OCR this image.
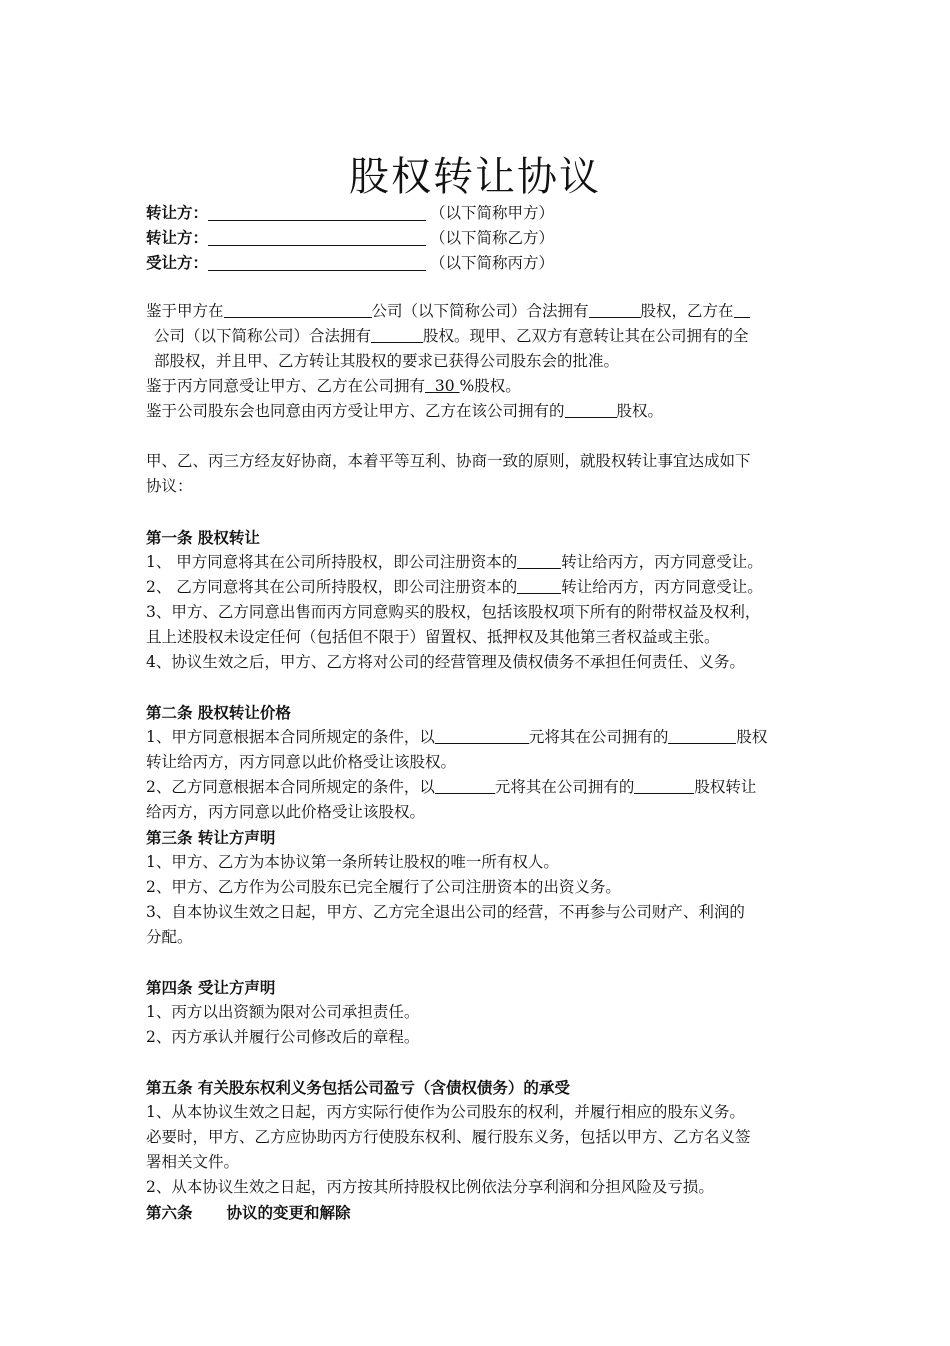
股权转让协议
转让方：	（以下简称甲方）
转让方：	（以下简称乙方）
受让方：	（以下简称丙方）
鉴于甲方在	公司（以下简称公司）合法拥有	股权，乙方在
公司（以下简称公司）合法拥有	股权。现甲、乙双方有意转让其在公司拥有的全
部股权，并且甲、乙方转让其股权的要求已获得公司股东会的批准。
鉴于丙方同意受让甲方、乙方在公司拥有 30 %股权。
鉴于公司股东会也同意由丙方受让甲方、乙方在该公司拥有的	股权。
甲、乙、丙三方经友好协商，本着平等互利、协商一致的原则，就股权转让事宜达成如下
协议：
第一条 股权转让
1、 甲方同意将其在公司所持股权，即公司注册资本的	转让给丙方，丙方同意受让。
2、 乙方同意将其在公司所持股权，即公司注册资本的	转让给丙方，丙方同意受让。
3、甲方、乙方同意出售而丙方同意购买的股权，包括该股权项下所有的附带权益及权利，
且上述股权未设定任何（包括但不限于）留置权、抵押权及其他第三者权益或主张。
4、协议生效之后，甲方、乙方将对公司的经营管理及债权债务不承担任何责任、义务。
第二条 股权转让价格
1、甲方同意根据本合同所规定的条件，以	元将其在公司拥有的	股权
转让给丙方，丙方同意以此价格受让该股权。
2、乙方同意根据本合同所规定的条件，以	元将其在公司拥有的	股权转让
给丙方，丙方同意以此价格受让该股权。
第三条 转让方声明
1、甲方、乙方为本协议第一条所转让股权的唯一所有权人。
2、甲方、乙方作为公司股东已完全履行了公司注册资本的出资义务。
3、自本协议生效之日起，甲方、乙方完全退出公司的经营，不再参与公司财产、利润的
分配。
第四条 受让方声明
1、丙方以出资额为限对公司承担责任。
2、丙方承认并履行公司修改后的章程。
第五条 有关股东权利义务包括公司盈亏（含债权债务）的承受
1、从本协议生效之日起，丙方实际行使作为公司股东的权利，并履行相应的股东义务。
必要时，甲方、乙方应协助丙方行使股东权利、履行股东义务，包括以甲方、乙方名义签
署相关文件。
2、从本协议生效之日起，丙方按其所持股权比例依法分享利润和分担风险及亏损。
第六条 协议的变更和解除
